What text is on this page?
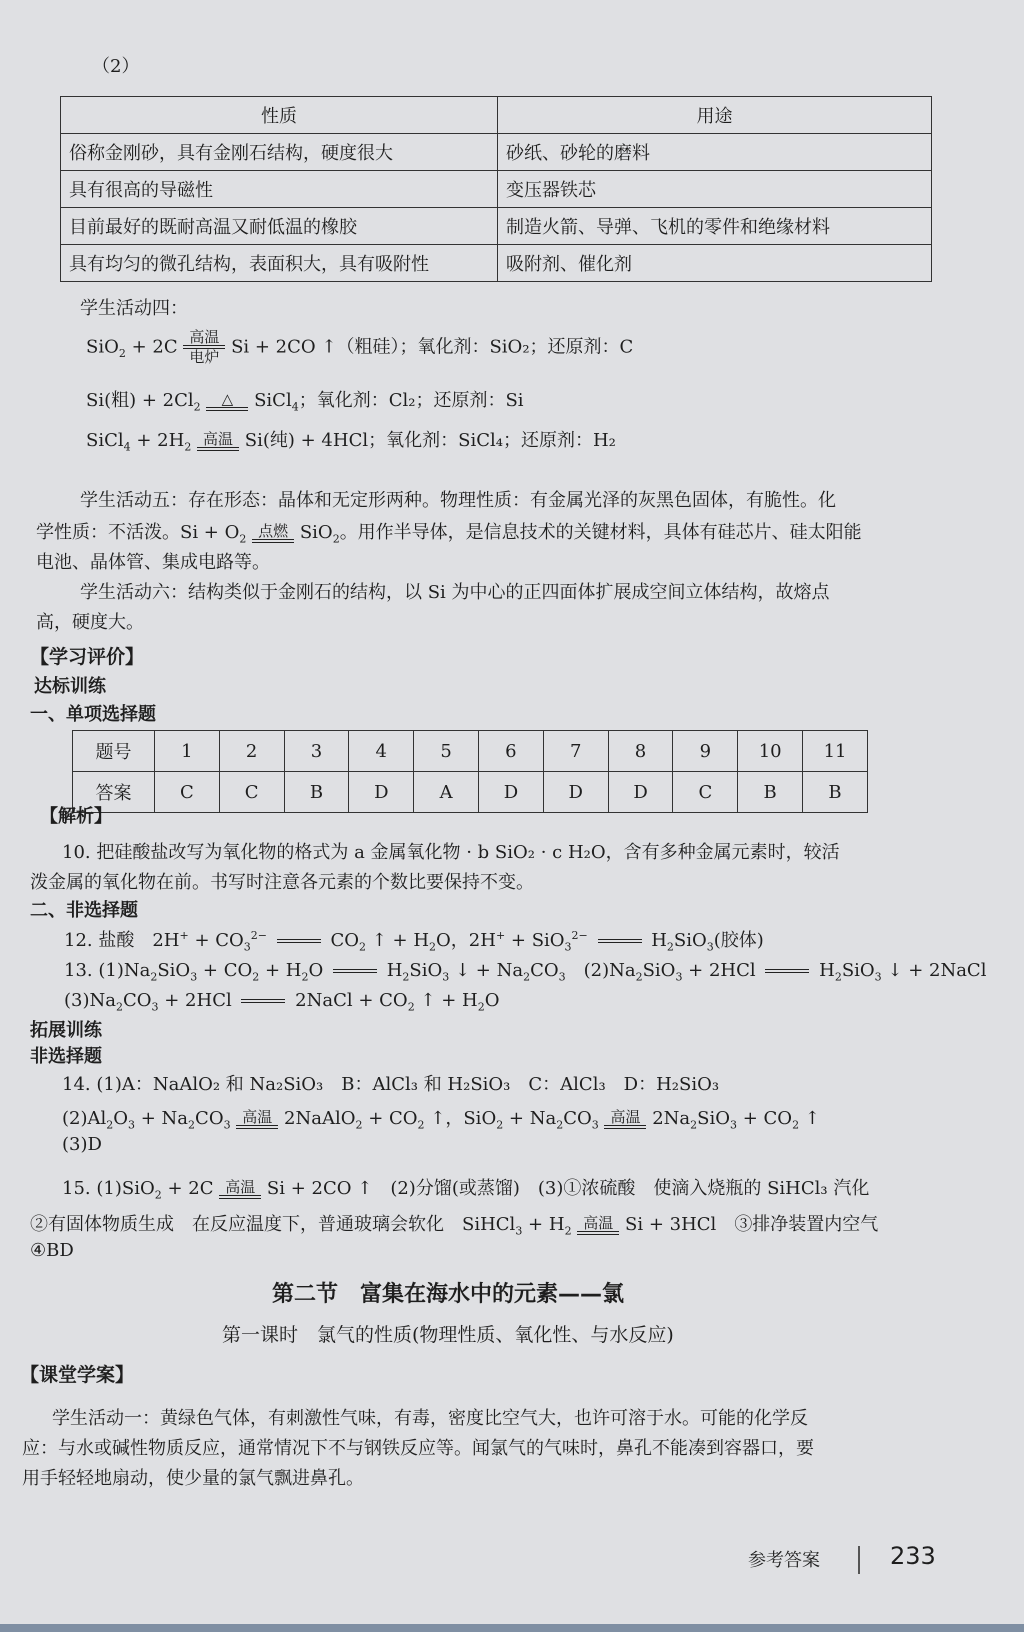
（2）
性质	用途
俗称金刚砂，具有金刚石结构，硬度很大	砂纸、砂轮的磨料
具有很高的导磁性	变压器铁芯
目前最好的既耐高温又耐低温的橡胶	制造火箭、导弹、飞机的零件和绝缘材料
具有均匀的微孔结构，表面积大，具有吸附性	吸附剂、催化剂
学生活动四：
SiO$_2$ + 2C 高温
电炉 Si + 2CO ↑（粗硅）；氧化剂：SiO₂；还原剂：C
Si(粗) + $2Cl_2$	△ SiCl$_4$；氧化剂：Cl₂；还原剂：Si
SiCl$_4$ + $2H_2$ 高温 Si(纯) + 4HCl；氧化剂：SiCl₄；还原剂：H₂
学生活动五：存在形态：晶体和无定形两种。物理性质：有金属光泽的灰黑色固体，有脆性。化
学性质：不活泼。$Si + O_2$ 点燃 SiO$_2$。用作半导体，是信息技术的关键材料，具体有硅芯片、硅太阳能
电池、晶体管、集成电路等。
学生活动六：结构类似于金刚石的结构，以 Si 为中心的正四面体扩展成空间立体结构，故熔点
高，硬度大。
【学习评价】
达标训练
一、单项选择题
题号	1	2	3	4	5	6	7	8	9	10	11
答案	C	C	B	D	A	D	D	D	C	B	B
【解析】
10. 把硅酸盐改写为氧化物的格式为 a 金属氧化物 · b SiO₂ · c H₂O，含有多种金属元素时，较活
泼金属的氧化物在前。书写时注意各元素的个数比要保持不变。
二、非选择题
12. 盐酸　$2H^+ + CO_3^{2-}$	$CO_2$ ↑ + $H_2O$，2H+ + SiO$_3^{2-}$	$H_2SiO_3$(胶体)
13. $(1)Na_2SiO_3 + CO_2 + H_2O$	$H_2SiO_3$ ↓ + $Na_2CO_3$　 $(2)Na_2SiO_3 + 2HCl$	$H_2SiO_3$ ↓ + 2NaCl
$(3)Na_2CO_3 + 2HCl$	2NaCl + $CO_2$ ↑ + $H_2O$
拓展训练
非选择题
14. (1)A：NaAlO₂ 和 Na₂SiO₃　B：AlCl₃ 和 H₂SiO₃　C：AlCl₃　D：H₂SiO₃
$(2)Al_2O_3 + Na_2CO_3$ 高温 2NaAlO$_2$ + $CO_2$ ↑，$SiO_2 + Na_2CO_3$ 高温 $2Na_2SiO_3 + CO_2$ ↑
(3)D
15. (1)SiO$_2$ + 2C 高温 Si + 2CO ↑　(2)分馏(或蒸馏)　(3)①浓硫酸　使滴入烧瓶的 SiHCl₃ 汽化
②有固体物质生成　在反应温度下，普通玻璃会软化　SiHCl$_3$ + $H_2$ 高温 Si + 3HCl　③排净装置内空气
④BD
第二节　富集在海水中的元素——氯
第一课时　氯气的性质(物理性质、氧化性、与水反应)
【课堂学案】
学生活动一：黄绿色气体，有刺激性气味，有毒，密度比空气大，也许可溶于水。可能的化学反
应：与水或碱性物质反应，通常情况下不与钢铁反应等。闻氯气的气味时，鼻孔不能凑到容器口，要
用手轻轻地扇动，使少量的氯气飘进鼻孔。
参考答案	233
